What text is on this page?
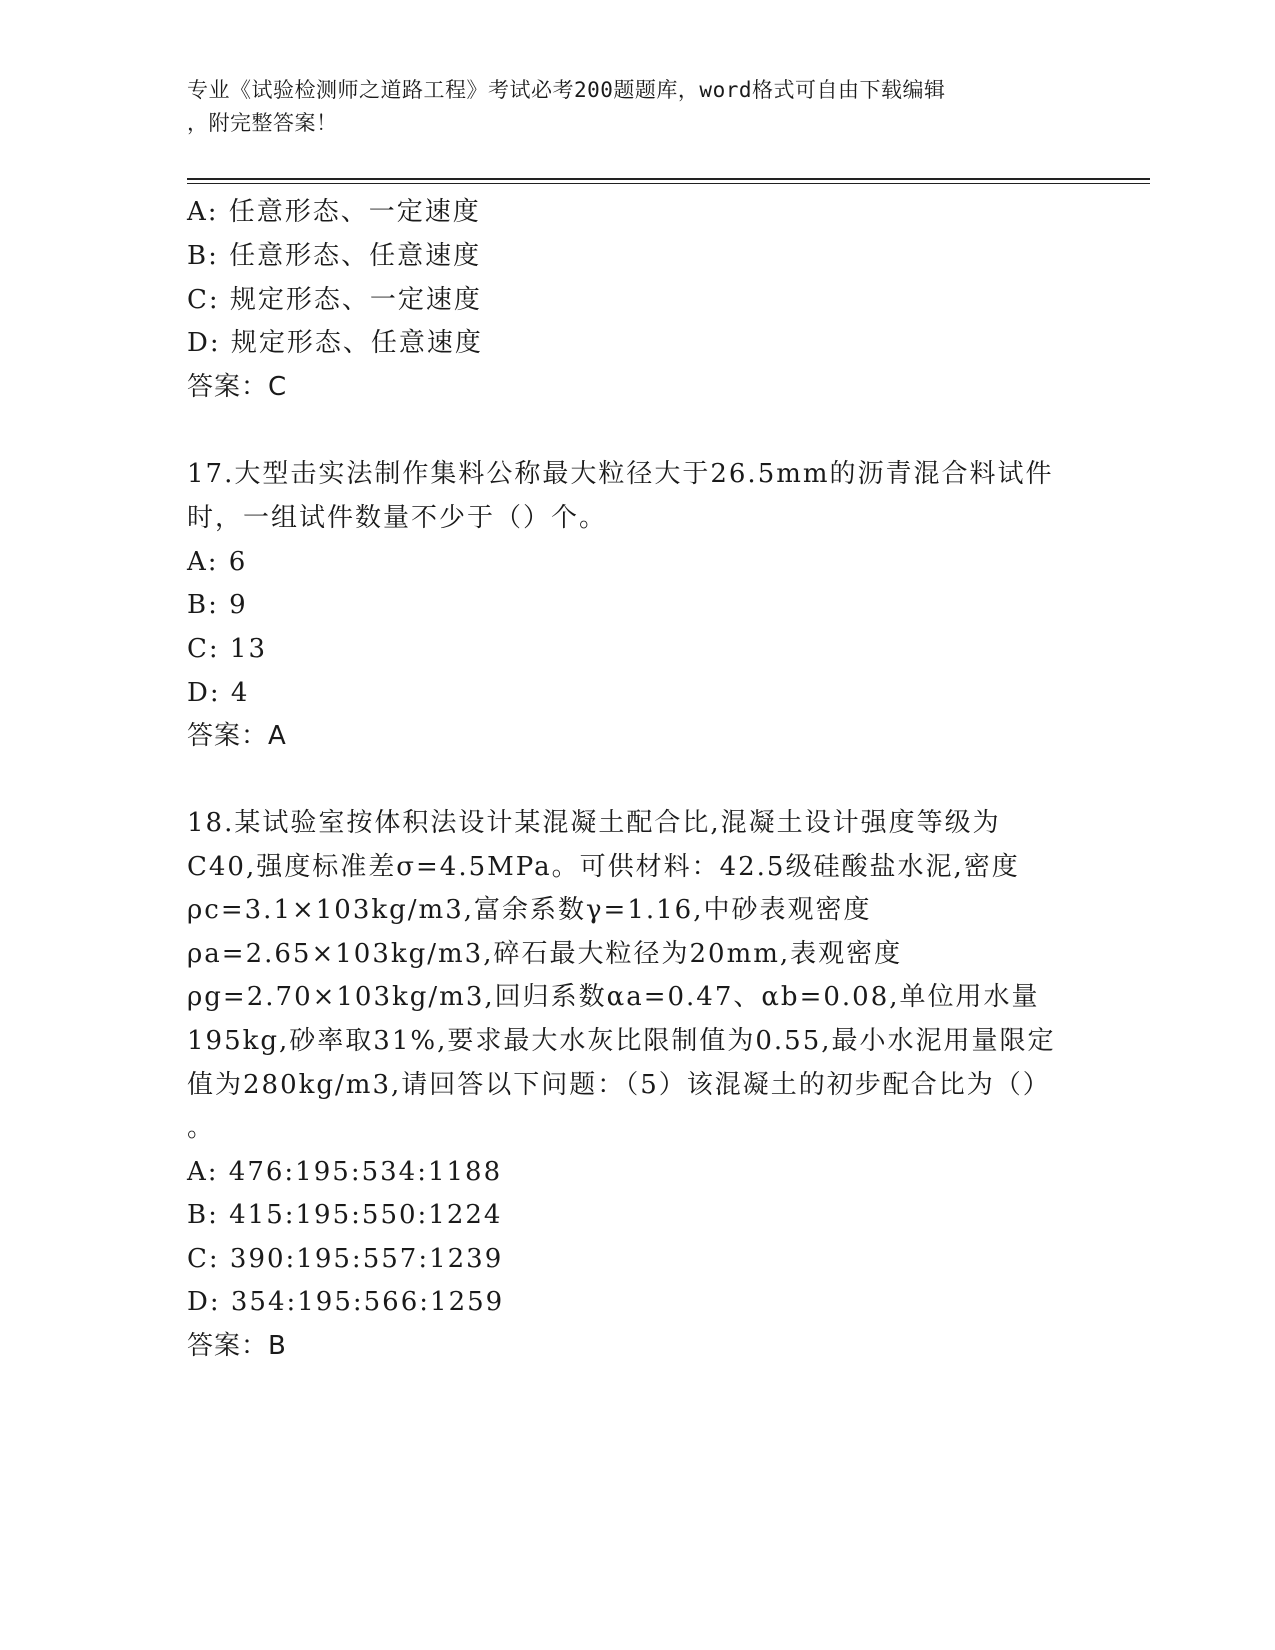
专业《试验检测师之道路工程》考试必考200题题库，word格式可自由下载编辑
，附完整答案！
A: 任意形态、一定速度
B: 任意形态、任意速度
C: 规定形态、一定速度
D: 规定形态、任意速度
答案：C
17.大型击实法制作集料公称最大粒径大于26.5mm的沥青混合料试件
时，一组试件数量不少于（）个。
A: 6
B: 9
C: 13
D: 4
答案：A
18.某试验室按体积法设计某混凝土配合比,混凝土设计强度等级为
C40,强度标准差σ=4.5MPa。可供材料：42.5级硅酸盐水泥,密度
ρc=3.1×103kg/m3,富余系数γ=1.16,中砂表观密度
ρa=2.65×103kg/m3,碎石最大粒径为20mm,表观密度
ρg=2.70×103kg/m3,回归系数αa=0.47、αb=0.08,单位用水量
195kg,砂率取31%,要求最大水灰比限制值为0.55,最小水泥用量限定
值为280kg/m3,请回答以下问题：（5）该混凝土的初步配合比为（）
。
A: 476:195:534:1188
B: 415:195:550:1224
C: 390:195:557:1239
D: 354:195:566:1259
答案：B
